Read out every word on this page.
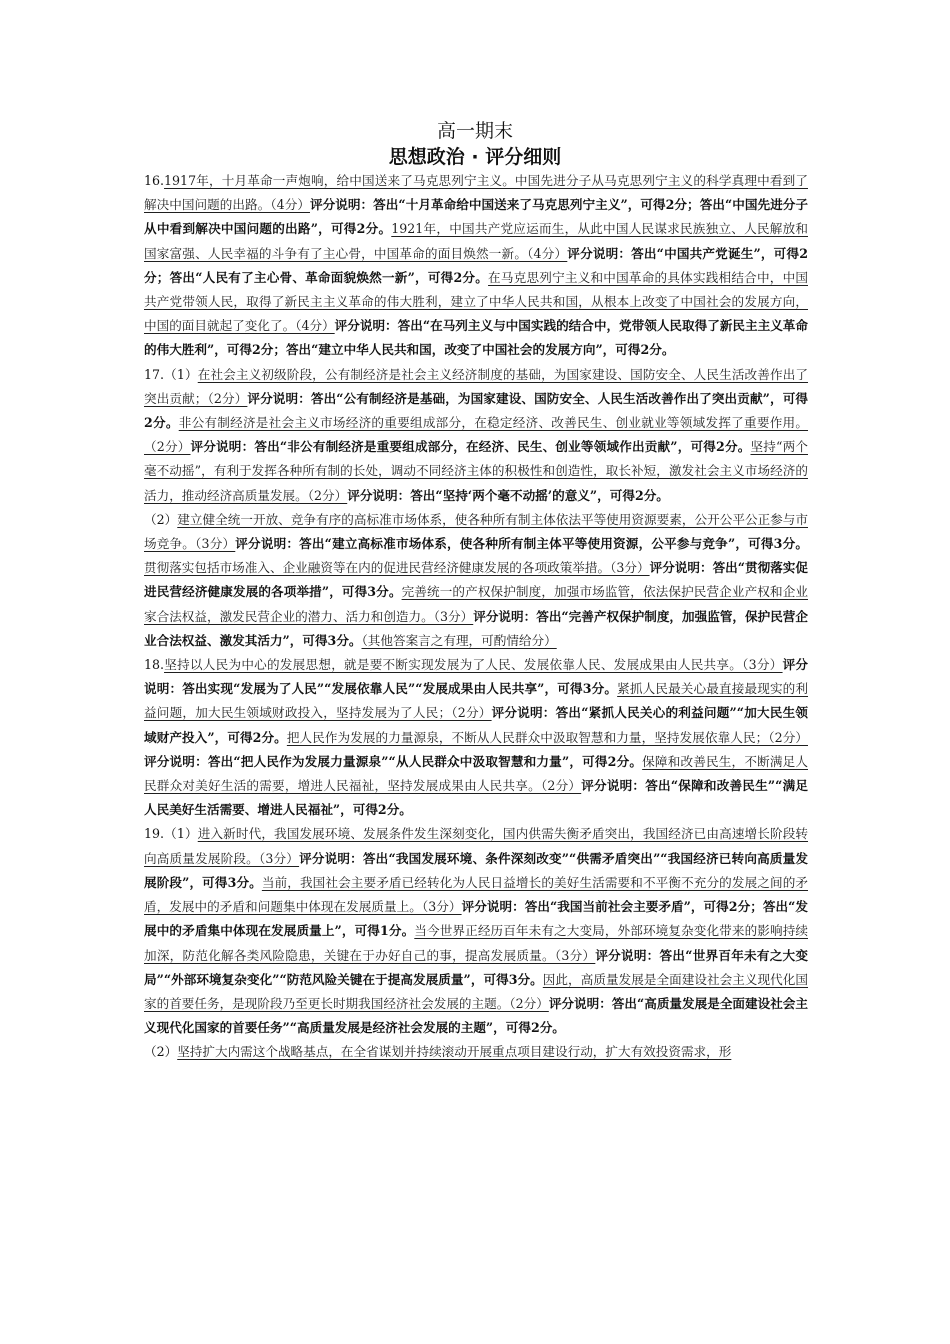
高一期末
思想政治 · 评分细则

16.1917年，十月革命一声炮响，给中国送来了马克思列宁主义。中国先进分子从马克思列宁主义的科学真理中看到了解决中国问题的出路。（4分）评分说明：答出“十月革命给中国送来了马克思列宁主义”，可得2分；答出“中国先进分子从中看到解决中国问题的出路”，可得2分。1921年，中国共产党应运而生，从此中国人民谋求民族独立、人民解放和国家富强、人民幸福的斗争有了主心骨，中国革命的面目焕然一新。（4分）评分说明：答出“中国共产党诞生”，可得2分；答出“人民有了主心骨、革命面貌焕然一新”，可得2分。在马克思列宁主义和中国革命的具体实践相结合中，中国共产党带领人民，取得了新民主主义革命的伟大胜利，建立了中华人民共和国，从根本上改变了中国社会的发展方向，中国的面目就起了变化了。（4分）评分说明：答出“在马列主义与中国实践的结合中，党带领人民取得了新民主主义革命的伟大胜利”，可得2分；答出“建立中华人民共和国，改变了中国社会的发展方向”，可得2分。

17.（1）在社会主义初级阶段，公有制经济是社会主义经济制度的基础，为国家建设、国防安全、人民生活改善作出了突出贡献；（2分）评分说明：答出“公有制经济是基础，为国家建设、国防安全、人民生活改善作出了突出贡献”，可得2分。非公有制经济是社会主义市场经济的重要组成部分，在稳定经济、改善民生、创业就业等领域发挥了重要作用。（2分）评分说明：答出“非公有制经济是重要组成部分，在经济、民生、创业等领域作出贡献”，可得2分。坚持“两个毫不动摇”，有利于发挥各种所有制的长处，调动不同经济主体的积极性和创造性，取长补短，激发社会主义市场经济的活力，推动经济高质量发展。（2分）评分说明：答出“坚持‘两个毫不动摇’的意义”，可得2分。

（2）建立健全统一开放、竞争有序的高标准市场体系，使各种所有制主体依法平等使用资源要素，公开公平公正参与市场竞争。（3分）评分说明：答出“建立高标准市场体系，使各种所有制主体平等使用资源，公平参与竞争”，可得3分。贯彻落实包括市场准入、企业融资等在内的促进民营经济健康发展的各项政策举措。（3分）评分说明：答出“贯彻落实促进民营经济健康发展的各项举措”，可得3分。完善统一的产权保护制度，加强市场监管，依法保护民营企业产权和企业家合法权益，激发民营企业的潜力、活力和创造力。（3分）评分说明：答出“完善产权保护制度，加强监管，保护民营企业合法权益、激发其活力”，可得3分。（其他答案言之有理，可酌情给分）

18.坚持以人民为中心的发展思想，就是要不断实现发展为了人民、发展依靠人民、发展成果由人民共享。（3分）评分说明：答出实现“发展为了人民”“发展依靠人民”“发展成果由人民共享”，可得3分。紧抓人民最关心最直接最现实的利益问题，加大民生领域财政投入，坚持发展为了人民；（2分）评分说明：答出“紧抓人民关心的利益问题”“加大民生领域财产投入”，可得2分。把人民作为发展的力量源泉，不断从人民群众中汲取智慧和力量，坚持发展依靠人民；（2分）评分说明：答出“把人民作为发展力量源泉”“从人民群众中汲取智慧和力量”，可得2分。保障和改善民生，不断满足人民群众对美好生活的需要，增进人民福祉，坚持发展成果由人民共享。（2分）评分说明：答出“保障和改善民生”“满足人民美好生活需要、增进人民福祉”，可得2分。

19.（1）进入新时代，我国发展环境、发展条件发生深刻变化，国内供需失衡矛盾突出，我国经济已由高速增长阶段转向高质量发展阶段。（3分）评分说明：答出“我国发展环境、条件深刻改变”“供需矛盾突出”“我国经济已转向高质量发展阶段”，可得3分。当前，我国社会主要矛盾已经转化为人民日益增长的美好生活需要和不平衡不充分的发展之间的矛盾，发展中的矛盾和问题集中体现在发展质量上。（3分）评分说明：答出“我国当前社会主要矛盾”，可得2分；答出“发展中的矛盾集中体现在发展质量上”，可得1分。当今世界正经历百年未有之大变局，外部环境复杂变化带来的影响持续加深，防范化解各类风险隐患，关键在于办好自己的事，提高发展质量。（3分）评分说明：答出“世界百年未有之大变局”“外部环境复杂变化”“防范风险关键在于提高发展质量”，可得3分。因此，高质量发展是全面建设社会主义现代化国家的首要任务，是现阶段乃至更长时期我国经济社会发展的主题。（2分）评分说明：答出“高质量发展是全面建设社会主义现代化国家的首要任务”“高质量发展是经济社会发展的主题”，可得2分。

（2）坚持扩大内需这个战略基点，在全省谋划并持续滚动开展重点项目建设行动，扩大有效投资需求，形
